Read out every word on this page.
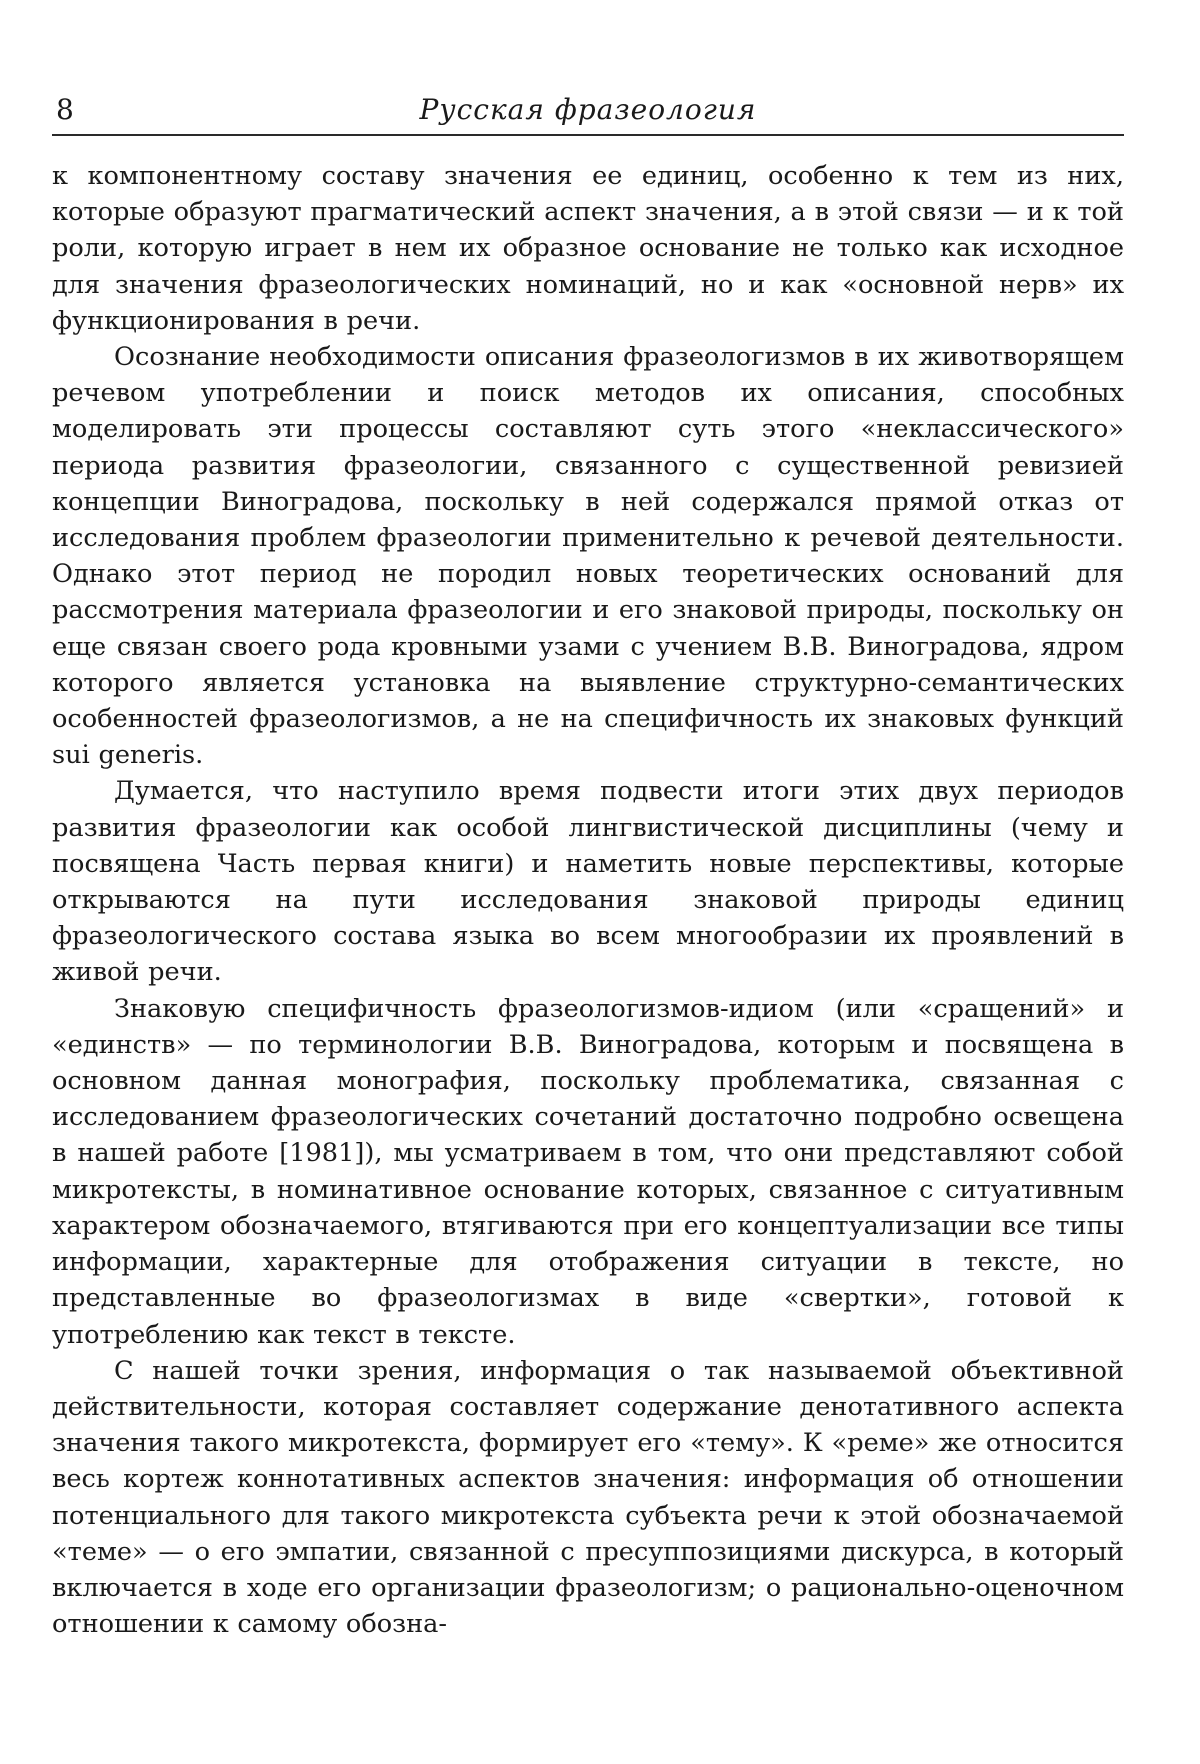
8	Русская фразеология

к компонентному составу значения ее единиц, особенно к тем из них, которые образуют прагматический аспект значения, а в этой связи — и к той роли, которую играет в нем их образное основание не только как исходное для значения фразеологических номинаций, но и как «основной нерв» их функционирования в речи.

Осознание необходимости описания фразеологизмов в их животворящем речевом употреблении и поиск методов их описания, способных моделировать эти процессы составляют суть этого «неклассического» периода развития фразеологии, связанного с существенной ревизией концепции Виноградова, поскольку в ней содержался прямой отказ от исследования проблем фразеологии применительно к речевой деятельности. Однако этот период не породил новых теоретических оснований для рассмотрения материала фразеологии и его знаковой природы, поскольку он еще связан своего рода кровными узами с учением В.В. Виноградова, ядром которого является установка на выявление структурно-семантических особенностей фразеологизмов, а не на специфичность их знаковых функций sui generis.

Думается, что наступило время подвести итоги этих двух периодов развития фразеологии как особой лингвистической дисциплины (чему и посвящена Часть первая книги) и наметить новые перспективы, которые открываются на пути исследования знаковой природы единиц фразеологического состава языка во всем многообразии их проявлений в живой речи.

Знаковую специфичность фразеологизмов-идиом (или «сращений» и «единств» — по терминологии В.В. Виноградова, которым и посвящена в основном данная монография, поскольку проблематика, связанная с исследованием фразеологических сочетаний достаточно подробно освещена в нашей работе [1981]), мы усматриваем в том, что они представляют собой микротексты, в номинативное основание которых, связанное с ситуативным характером обозначаемого, втягиваются при его концептуализации все типы информации, характерные для отображения ситуации в тексте, но представленные во фразеологизмах в виде «свертки», готовой к употреблению как текст в тексте.

С нашей точки зрения, информация о так называемой объективной действительности, которая составляет содержание денотативного аспекта значения такого микротекста, формирует его «тему». К «реме» же относится весь кортеж коннотативных аспектов значения: информация об отношении потенциального для такого микротекста субъекта речи к этой обозначаемой «теме» — о его эмпатии, связанной с пресуппозициями дискурса, в который включается в ходе его организации фразеологизм; о рационально-оценочном отношении к самому обозна-
